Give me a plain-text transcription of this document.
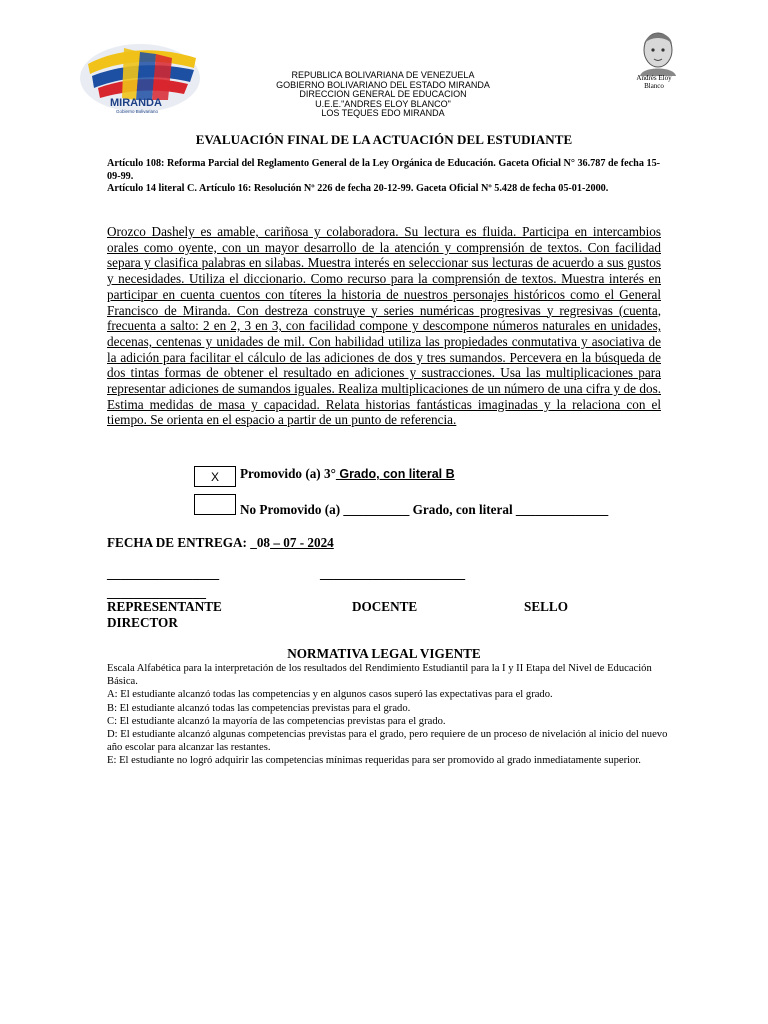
MIRANDA
Gobierno Bolivariano
REPUBLICA BOLIVARIANA DE VENEZUELA
GOBIERNO BOLIVARIANO DEL ESTADO MIRANDA
DIRECCION GENERAL DE EDUCACION
U.E.E."ANDRES ELOY BLANCO"
LOS TEQUES EDO MIRANDA
Andrés Eloy
Blanco
EVALUACIÓN FINAL DE LA ACTUACIÓN DEL ESTUDIANTE
Artículo 108: Reforma Parcial del Reglamento General de la Ley Orgánica de Educación. Gaceta Oficial N° 36.787 de fecha 15-09-99.
Artículo 14 literal C. Artículo 16: Resolución Nº 226 de fecha 20-12-99. Gaceta Oficial Nº 5.428 de fecha 05-01-2000.
Orozco Dashely es amable, cariñosa y colaboradora. Su lectura es fluida. Participa en intercambios orales como oyente, con un mayor desarrollo de la atención y comprensión de textos. Con facilidad separa y clasifica palabras en silabas. Muestra interés en seleccionar sus lecturas de acuerdo a sus gustos y necesidades. Utiliza el diccionario. Como recurso para la comprensión de textos. Muestra interés en participar en cuenta cuentos con títeres la historia de nuestros personajes históricos como el General Francisco de Miranda. Con destreza construye y series numéricas progresivas y regresivas (cuenta, frecuenta a salto: 2 en 2, 3 en 3, con facilidad compone y descompone números naturales en unidades, decenas, centenas y unidades de mil. Con habilidad utiliza las propiedades conmutativa y asociativa de la adición para facilitar el cálculo de las adiciones de dos y tres sumandos. Percevera en la búsqueda de dos tintas formas de obtener el resultado en adiciones y sustracciones. Usa las multiplicaciones para representar adiciones de sumandos iguales. Realiza multiplicaciones de un número de una cifra y de dos. Estima medidas de masa y capacidad. Relata historias fantásticas imaginadas y la relaciona con el tiempo. Se orienta en el espacio a partir de un punto de referencia.
X	Promovido (a) 3° Grado, con literal B
No Promovido (a) __________ Grado, con literal ______________
FECHA DE ENTREGA: _08 – 07 - 2024
_________________	______________________
_______________
REPRESENTANTE	DOCENTE	SELLO
DIRECTOR
NORMATIVA LEGAL VIGENTE
Escala Alfabética para la interpretación de los resultados del Rendimiento Estudiantil para la I y II Etapa del Nivel de Educación Básica.
A: El estudiante alcanzó todas las competencias y en algunos casos superó las expectativas para el grado.
B: El estudiante alcanzó todas las competencias previstas para el grado.
C: El estudiante alcanzó la mayoría de las competencias previstas para el grado.
D: El estudiante alcanzó algunas competencias previstas para el grado, pero requiere de un proceso de nivelación al inicio del nuevo año escolar para alcanzar las restantes.
E: El estudiante no logró adquirir las competencias mínimas requeridas para ser promovido al grado inmediatamente superior.
